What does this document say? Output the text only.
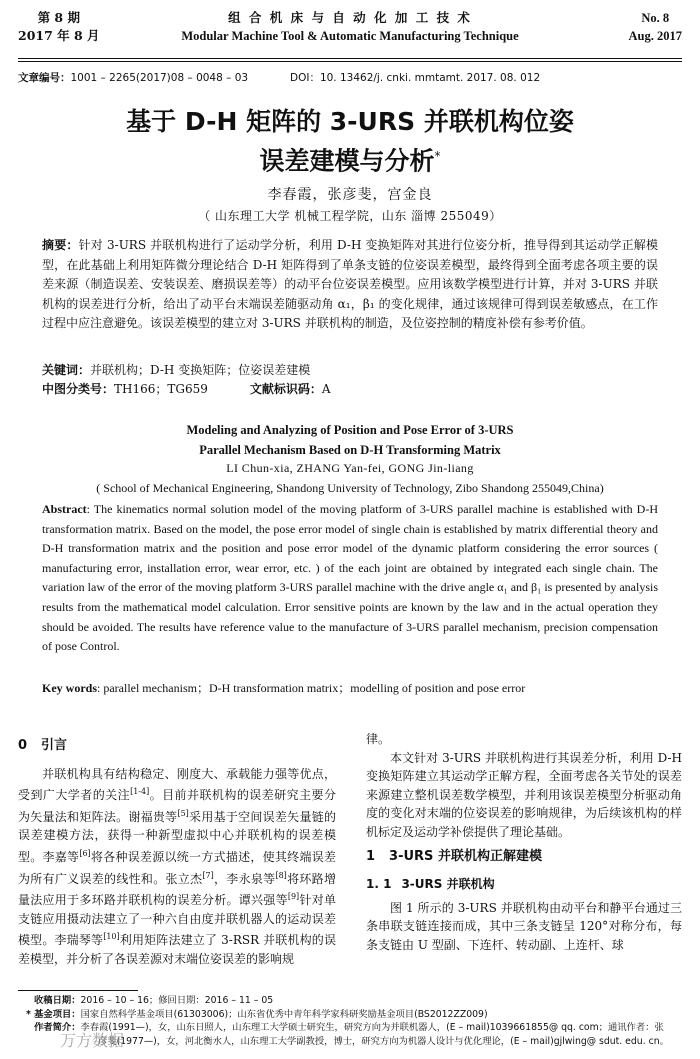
第 8 期
2017 年 8 月
组 合 机 床 与 自 动 化 加 工 技 术
Modular Machine Tool & Automatic Manufacturing Technique
No. 8
Aug. 2017
文章编号：1001 – 2265(2017)08 – 0048 – 03	DOI：10. 13462/j. cnki. mmtamt. 2017. 08. 012
基于 D-H 矩阵的 3-URS 并联机构位姿
误差建模与分析*
李春霞，张彦斐，宫金良
（ 山东理工大学 机械工程学院，山东 淄博 255049）
摘要：针对 3-URS 并联机构进行了运动学分析，利用 D-H 变换矩阵对其进行位姿分析，推导得到其运动学正解模型，在此基础上利用矩阵微分理论结合 D-H 矩阵得到了单条支链的位姿误差模型，最终得到全面考虑各项主要的误差来源（制造误差、安装误差、磨损误差等）的动平台位姿误差模型。应用该数学模型进行计算，并对 3-URS 并联机构的误差进行分析，给出了动平台末端误差随驱动角 α₁，β₁ 的变化规律，通过该规律可得到误差敏感点，在工作过程中应注意避免。该误差模型的建立对 3-URS 并联机构的制造，及位姿控制的精度补偿有参考价值。
关键词：并联机构；D-H 变换矩阵；位姿误差建模
中图分类号：TH166；TG659	文献标识码：A
Modeling and Analyzing of Position and Pose Error of 3-URS
Parallel Mechanism Based on D-H Transforming Matrix
LI Chun-xia, ZHANG Yan-fei, GONG Jin-liang
( School of Mechanical Engineering, Shandong University of Technology, Zibo Shandong 255049,China)
Abstract: The kinematics normal solution model of the moving platform of 3-URS parallel machine is established with D-H transformation matrix. Based on the model, the pose error model of single chain is established by matrix differential theory and D-H transformation matrix and the position and pose error model of the dynamic platform considering the error sources ( manufacturing error, installation error, wear error, etc. ) of the each joint are obtained by integrated each single chain. The variation law of the error of the moving platform 3-URS parallel machine with the drive angle α₁ and β₁ is presented by analysis results from the mathematical model calculation. Error sensitive points are known by the law and in the actual operation they should be avoided. The results have reference value to the manufacture of 3-URS parallel mechanism, precision compensation of pose Control.
Key words: parallel mechanism；D-H transformation matrix；modelling of position and pose error
0 引言

并联机构具有结构稳定、刚度大、承载能力强等优点，受到广大学者的关注[1-4]。目前并联机构的误差研究主要分为矢量法和矩阵法。谢福贵等[5]采用基于空间误差矢量链的误差建模方法，获得一种新型虚拟中心并联机构的误差模型。李嘉等[6]将各种误差源以统一方式描述，使其终端误差为所有广义误差的线性和。张立杰[7]，李永泉等[8]将环路增量法应用于多环路并联机构的误差分析。谭兴强等[9]针对单支链应用摄动法建立了一种六自由度并联机器人的运动误差模型。李瑞琴等[10]利用矩阵法建立了 3-RSR 并联机构的误差模型，并分析了各误差源对末端位姿误差的影响规

律。

本文针对 3-URS 并联机构进行其误差分析，利用 D-H 变换矩阵建立其运动学正解方程，全面考虑各关节处的误差来源建立整机误差数学模型，并利用该误差模型分析驱动角度的变化对末端的位姿误差的影响规律，为后续该机构的样机标定及运动学补偿提供了理论基础。

1 3-URS 并联机构正解建模
1. 1 3-URS 并联机构

图 1 所示的 3-URS 并联机构由动平台和静平台通过三条串联支链连接而成，其中三条支链呈 120°对称分布，每条支链由 U 型副、下连杆、转动副、上连杆、球

收稿日期：2016 – 10 – 16；修回日期：2016 – 11 – 05
* 基金项目：国家自然科学基金项目(61303006)；山东省优秀中青年科学家科研奖励基金项目(BS2012ZZ009)
作者简介：李春霞(1991—)，女，山东日照人，山东理工大学硕士研究生，研究方向为并联机器人，(E – mail)1039661855@ qq. com；通讯作者：张
彦斐(1977—)，女，河北衡水人，山东理工大学副教授，博士，研究方向为机器人设计与优化理论，(E – mail)gjlwing@ sdut. edu. cn。
万方数据
